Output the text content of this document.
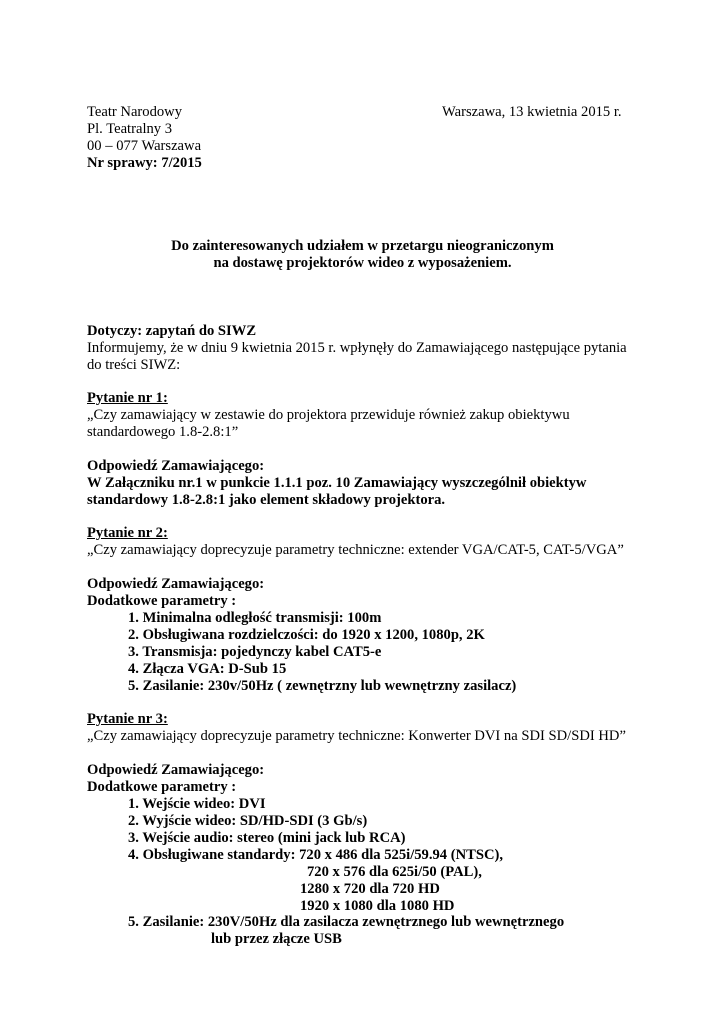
Teatr Narodowy	Warszawa, 13 kwietnia 2015 r.
Pl. Teatralny 3
00 – 077 Warszawa
Nr sprawy: 7/2015
Do zainteresowanych udziałem w przetargu nieograniczonym
na dostawę projektorów wideo z wyposażeniem.
Dotyczy: zapytań do SIWZ
Informujemy, że w dniu 9 kwietnia 2015 r. wpłynęły do Zamawiającego następujące pytania
do treści SIWZ:
Pytanie nr 1:
„Czy zamawiający w zestawie do projektora przewiduje również zakup obiektywu
standardowego 1.8-2.8:1”
Odpowiedź Zamawiającego:
W Załączniku nr.1 w punkcie 1.1.1 poz. 10 Zamawiający wyszczególnił obiektyw
standardowy 1.8-2.8:1 jako element składowy projektora.
Pytanie nr 2:
„Czy zamawiający doprecyzuje parametry techniczne: extender VGA/CAT-5, CAT-5/VGA”
Odpowiedź Zamawiającego:
Dodatkowe parametry :
1. Minimalna odległość transmisji: 100m
2. Obsługiwana rozdzielczości: do 1920 x 1200, 1080p, 2K
3. Transmisja: pojedynczy kabel CAT5-e
4. Złącza VGA: D-Sub 15
5. Zasilanie: 230v/50Hz ( zewnętrzny lub wewnętrzny zasilacz)
Pytanie nr 3:
„Czy zamawiający doprecyzuje parametry techniczne: Konwerter DVI na SDI SD/SDI HD”
Odpowiedź Zamawiającego:
Dodatkowe parametry :
1. Wejście wideo: DVI
2. Wyjście wideo: SD/HD-SDI (3 Gb/s)
3. Wejście audio: stereo (mini jack lub RCA)
4. Obsługiwane standardy: 720 x 486 dla 525i/59.94 (NTSC),
720 x 576 dla 625i/50 (PAL),
1280 x 720 dla 720 HD
1920 x 1080 dla 1080 HD
5. Zasilanie: 230V/50Hz dla zasilacza zewnętrznego lub wewnętrznego
lub przez złącze USB
